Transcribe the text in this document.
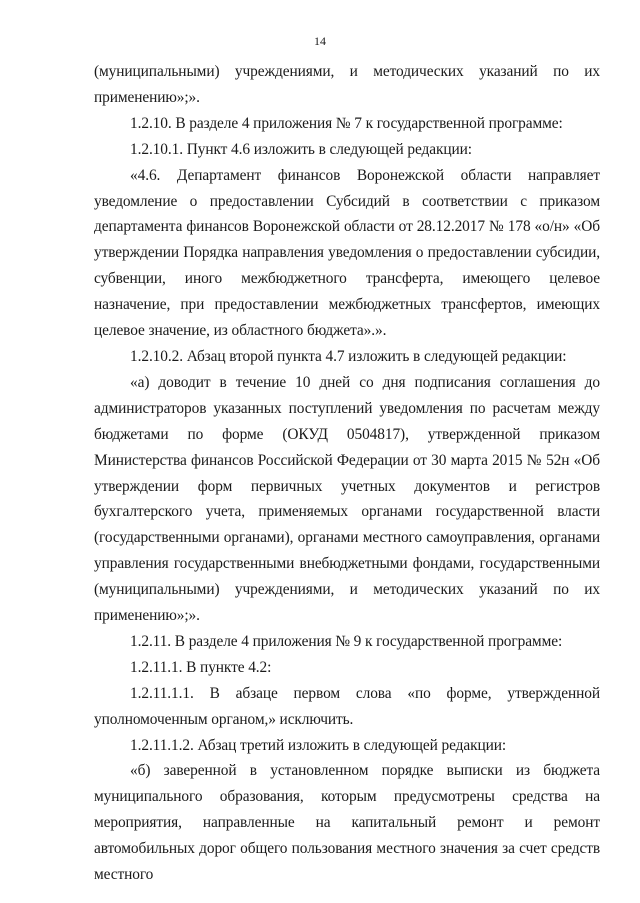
14

(муниципальными) учреждениями, и методических указаний по их применению»;».

1.2.10. В разделе 4 приложения № 7 к государственной программе:

1.2.10.1. Пункт 4.6 изложить в следующей редакции:

«4.6. Департамент финансов Воронежской области направляет уведомление о предоставлении Субсидий в соответствии с приказом департамента финансов Воронежской области от 28.12.2017 № 178 «о/н» «Об утверждении Порядка направления уведомления о предоставлении субсидии, субвенции, иного межбюджетного трансферта, имеющего целевое назначение, при предоставлении межбюджетных трансфертов, имеющих целевое значение, из областного бюджета».».

1.2.10.2. Абзац второй пункта 4.7 изложить в следующей редакции:

«а) доводит в течение 10 дней со дня подписания соглашения до администраторов указанных поступлений уведомления по расчетам между бюджетами по форме (ОКУД 0504817), утвержденной приказом Министерства финансов Российской Федерации от 30 марта 2015 № 52н «Об утверждении форм первичных учетных документов и регистров бухгалтерского учета, применяемых органами государственной власти (государственными органами), органами местного самоуправления, органами управления государственными внебюджетными фондами, государственными (муниципальными) учреждениями, и методических указаний по их применению»;».

1.2.11. В разделе 4 приложения № 9 к государственной программе:

1.2.11.1. В пункте 4.2:

1.2.11.1.1. В абзаце первом слова «по форме, утвержденной уполномоченным органом,» исключить.

1.2.11.1.2. Абзац третий изложить в следующей редакции:

«б) заверенной в установленном порядке выписки из бюджета муниципального образования, которым предусмотрены средства на мероприятия, направленные на капитальный ремонт и ремонт автомобильных дорог общего пользования местного значения за счет средств местного
